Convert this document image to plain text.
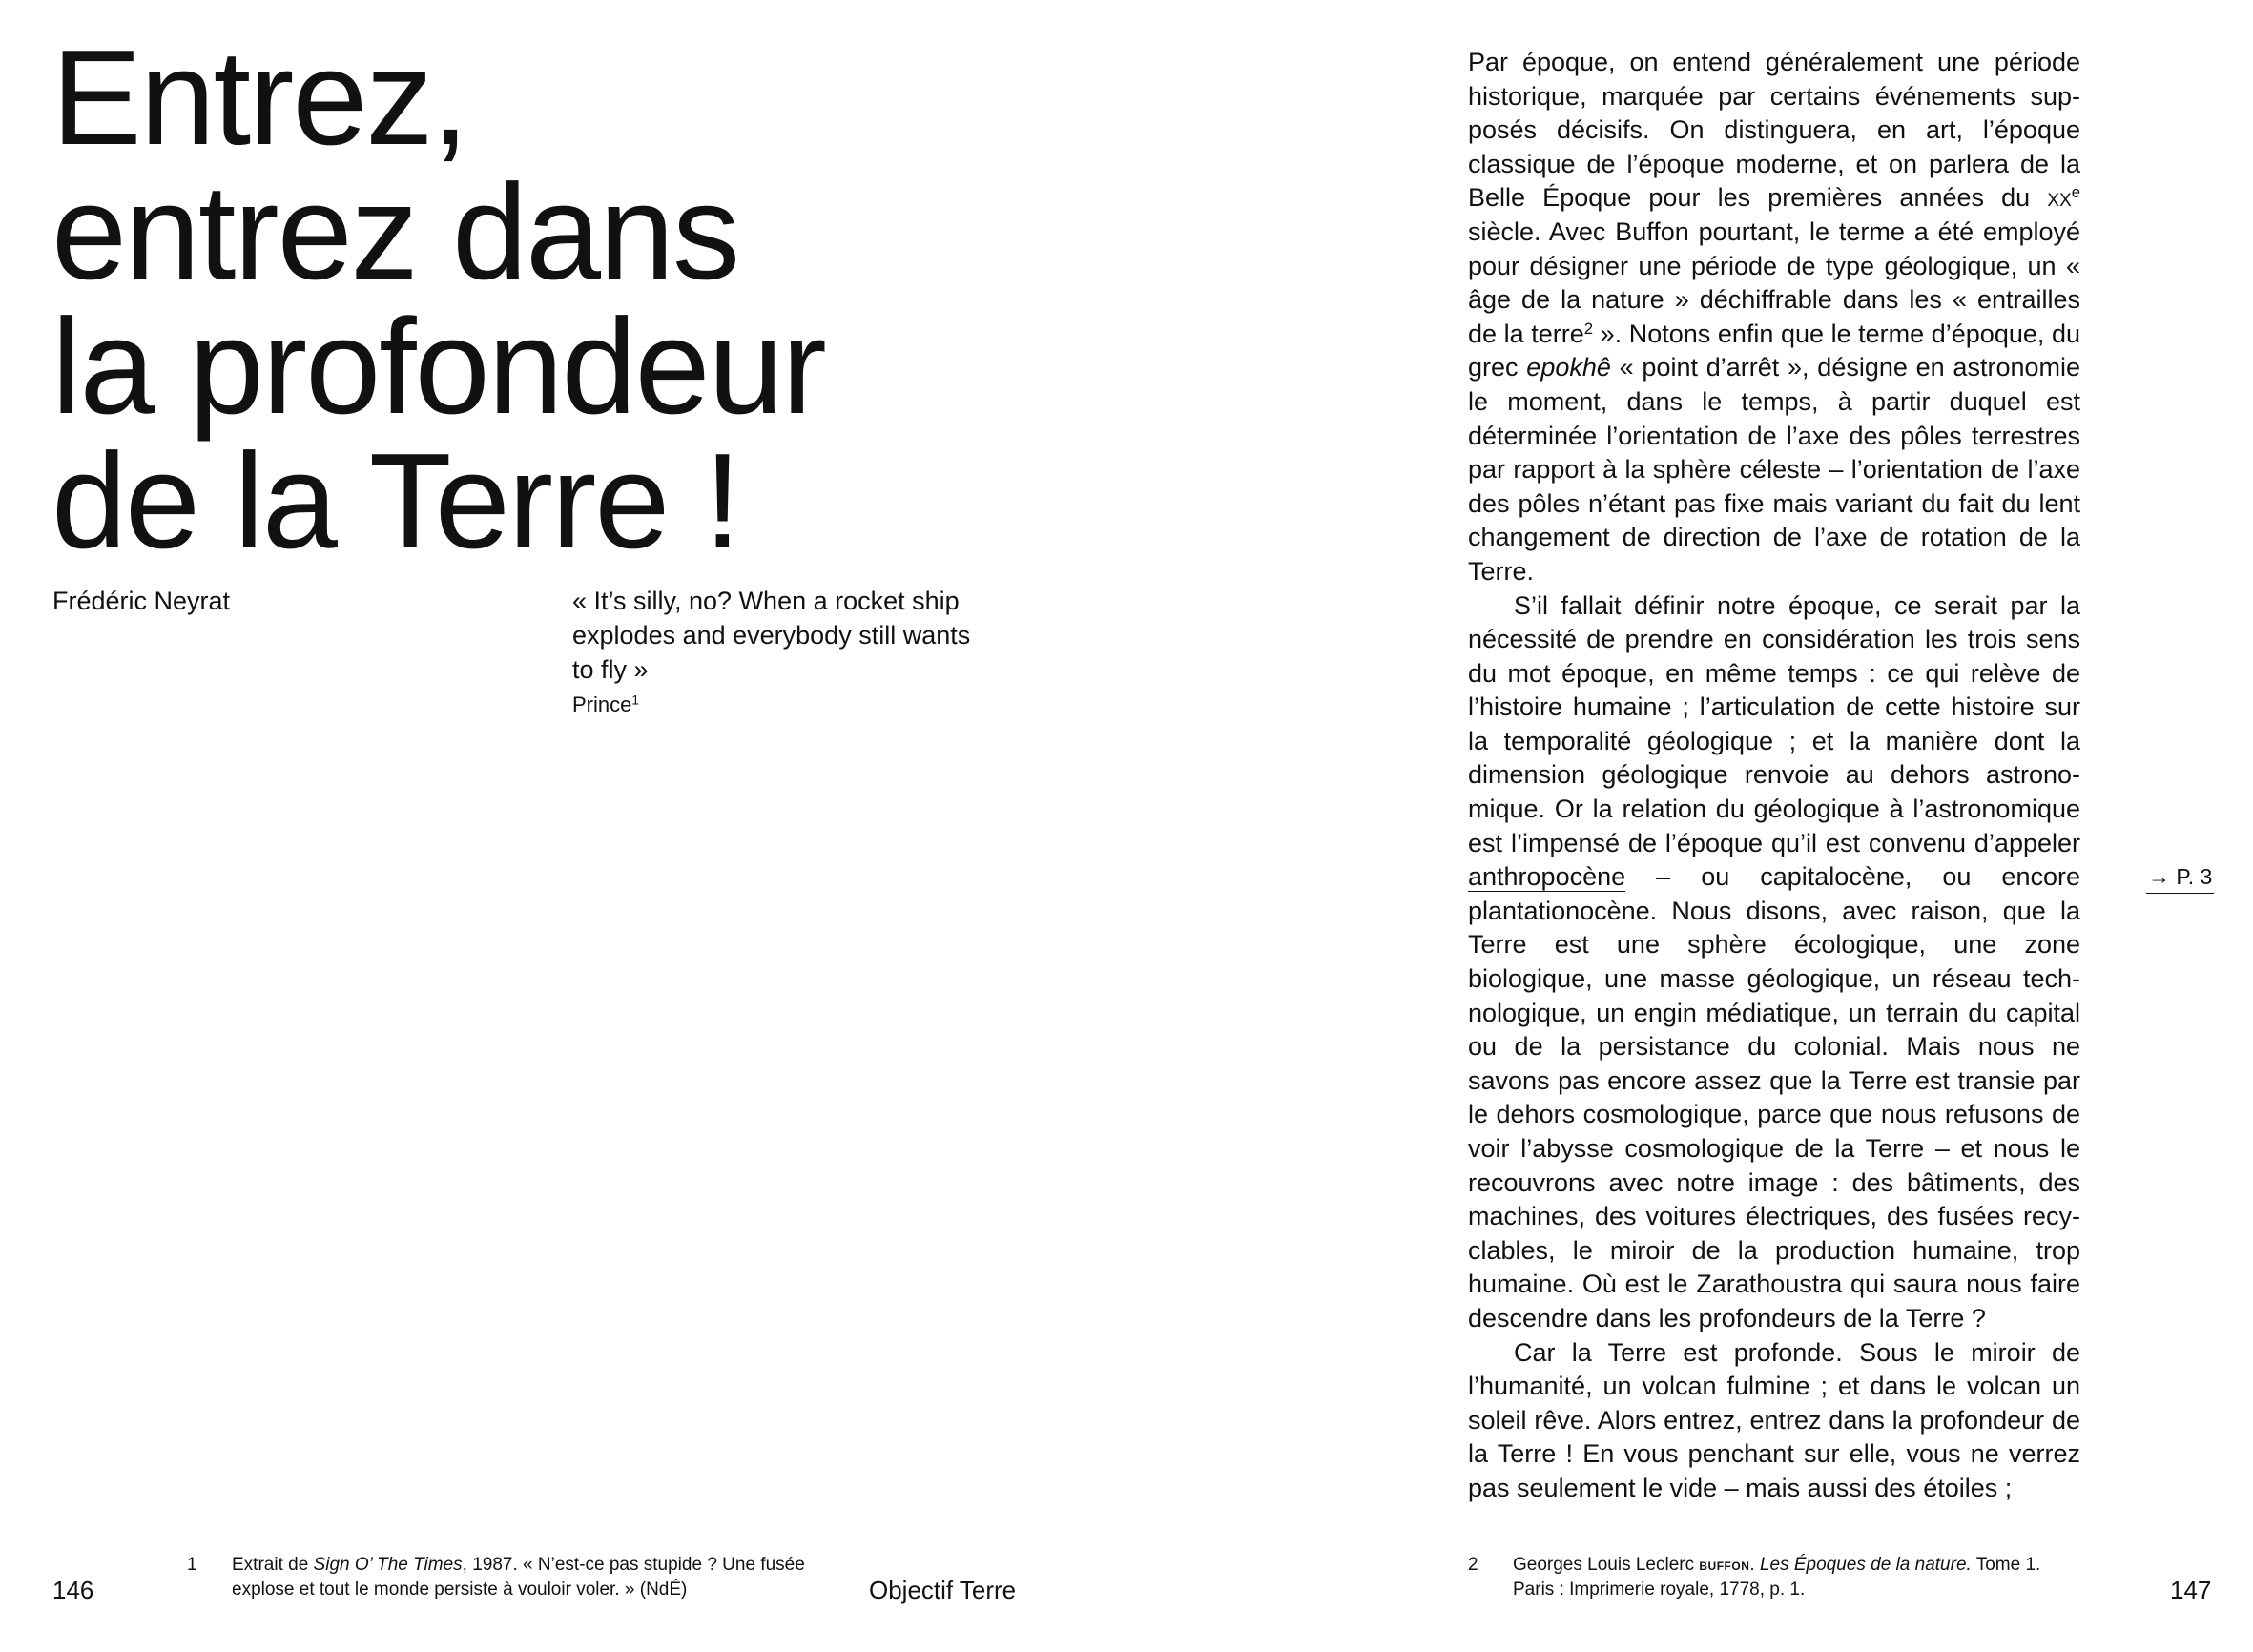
Entrez,
entrez dans
la profondeur
de la Terre !
Frédéric Neyrat	« It’s silly, no? When a rocket ship
explodes and everybody still wants
to fly »
Prince$^1$
1 Extrait de Sign O’ The Times, 1987. « N’est-ce pas stupide ? Une fusée explose et tout le monde persiste à vouloir voler. » (NdÉ)
146	Objectif Terre

Par époque, on entend généralement une période historique, marquée par certains événements supposés décisifs. On distinguera, en art, l’époque classique de l’époque moderne, et on parlera de la Belle Époque pour les premières années du $xx^e$ siècle. Avec Buffon pourtant, le terme a été employé pour désigner une période de type géologique, un « âge de la nature » déchiffrable dans les « entrailles de la terre$^2$ ». Notons enfin que le terme d’époque, du grec epokhê « point d’arrêt », désigne en astronomie le moment, dans le temps, à partir duquel est déterminée l’orientation de l’axe des pôles terrestres par rapport à la sphère céleste – l’orientation de l’axe des pôles n’étant pas fixe mais variant du fait du lent changement de direction de l’axe de rotation de la Terre.

S’il fallait définir notre époque, ce serait par la nécessité de prendre en considération les trois sens du mot époque, en même temps : ce qui relève de l’histoire humaine ; l’articulation de cette histoire sur la temporalité géologique ; et la manière dont la dimension géologique renvoie au dehors astronomique. Or la relation du géologique à l’astronomique est l’impensé de l’époque qu’il est convenu d’appeler anthropocène – ou capitalocène, ou encore plantationocène. Nous disons, avec raison, que la Terre est une sphère écologique, une zone biologique, une masse géologique, un réseau technologique, un engin médiatique, un terrain du capital ou de la persistance du colonial. Mais nous ne savons pas encore assez que la Terre est transie par le dehors cosmologique, parce que nous refusons de voir l’abysse cosmologique de la Terre – et nous le recouvrons avec notre image : des bâtiments, des machines, des voitures électriques, des fusées recyclables, le miroir de la production humaine, trop humaine. Où est le Zarathoustra qui saura nous faire descendre dans les profondeurs de la Terre ?

Car la Terre est profonde. Sous le miroir de l’humanité, un volcan fulmine ; et dans le volcan un soleil rêve. Alors entrez, entrez dans la profondeur de la Terre ! En vous penchant sur elle, vous ne verrez pas seulement le vide – mais aussi des étoiles ;

→ P. 3
2 Georges Louis Leclerc buffon. Les Époques de la nature. Tome 1. Paris : Imprimerie royale, 1778, p. 1.	147
